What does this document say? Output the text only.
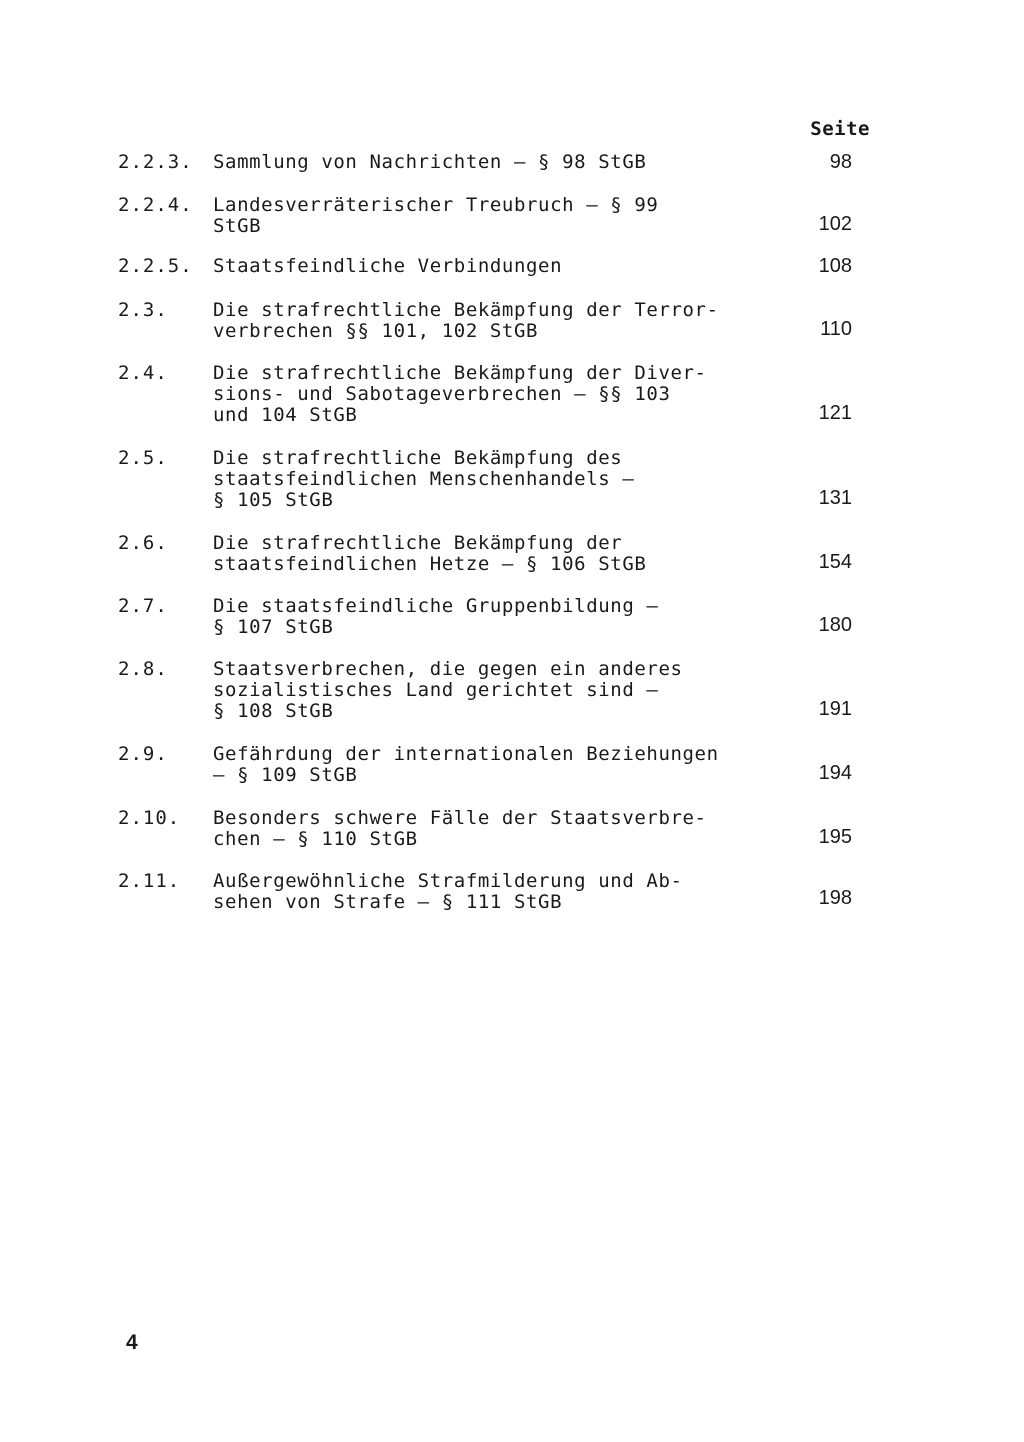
Seite
2.2.3.	Sammlung von Nachrichten – § 98 StGB	98
2.2.4.	Landesverräterischer Treubruch – § 99
StGB	102
2.2.5.	Staatsfeindliche Verbindungen	108
2.3.	Die strafrechtliche Bekämpfung der Terror-
verbrechen §§ 101, 102 StGB	110
2.4.	Die strafrechtliche Bekämpfung der Diver-
sions- und Sabotageverbrechen – §§ 103
und 104 StGB	121
2.5.	Die strafrechtliche Bekämpfung des
staatsfeindlichen Menschenhandels –
§ 105 StGB	131
2.6.	Die strafrechtliche Bekämpfung der
staatsfeindlichen Hetze – § 106 StGB	154
2.7.	Die staatsfeindliche Gruppenbildung –
§ 107 StGB	180
2.8.	Staatsverbrechen, die gegen ein anderes
sozialistisches Land gerichtet sind –
§ 108 StGB	191
2.9.	Gefährdung der internationalen Beziehungen
– § 109 StGB	194
2.10.	Besonders schwere Fälle der Staatsverbre-
chen – § 110 StGB	195
2.11.	Außergewöhnliche Strafmilderung und Ab-
sehen von Strafe – § 111 StGB	198
4
